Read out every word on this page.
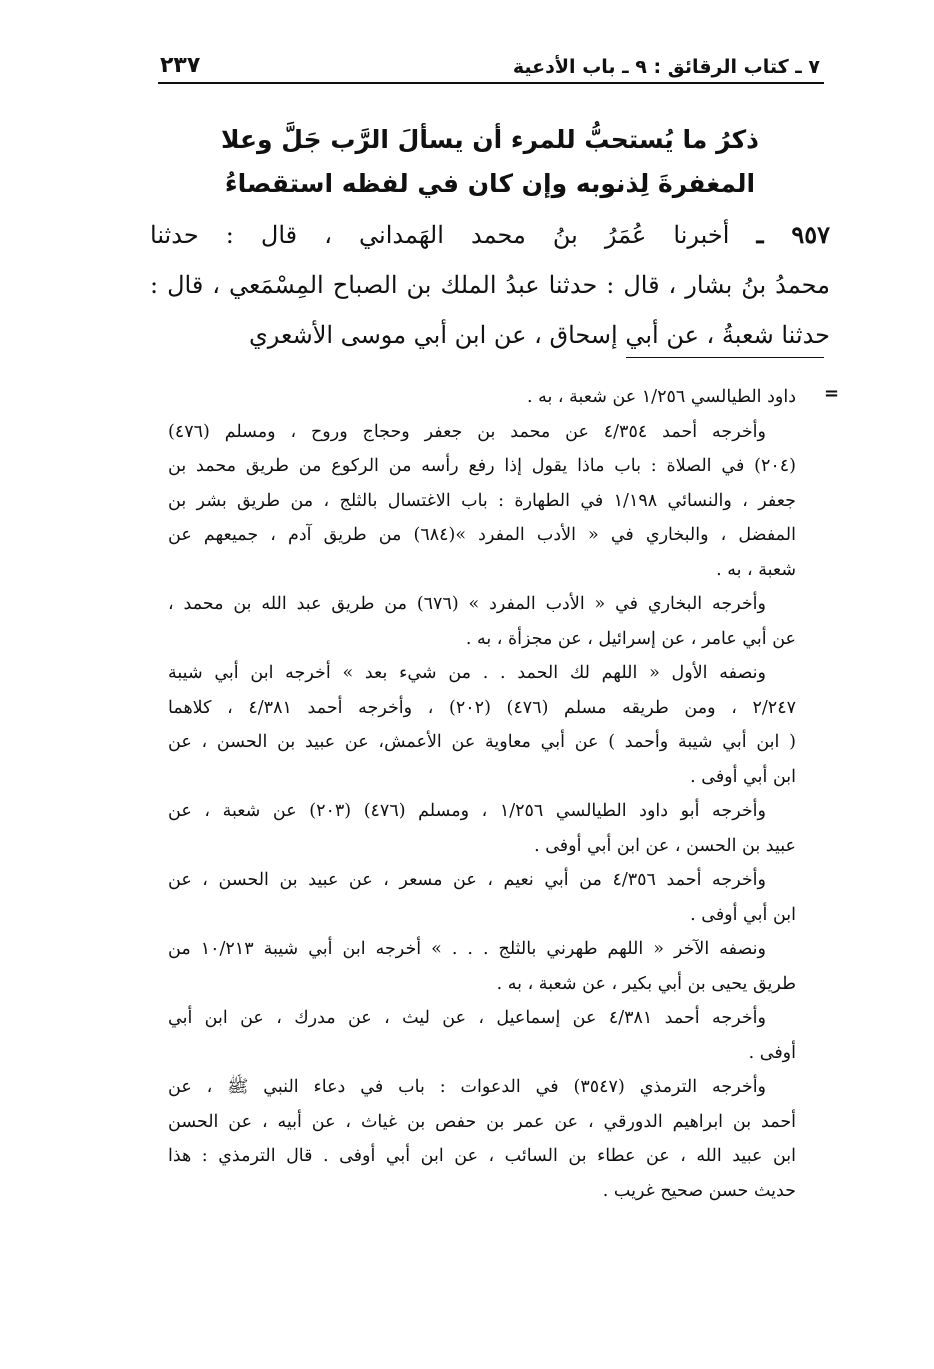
٧ ـ كتاب الرقائق : ٩ ـ باب الأدعية
٢٣٧
ذكرُ ما يُستحبُّ للمرء أن يسألَ الرَّب جَلَّ وعلا
المغفرةَ لِذنوبه وإن كان في لفظه استقصاءُ
٩٥٧ ـ أخبرنا عُمَرُ بنُ محمد الهَمداني ، قال : حدثنا
محمدُ بنُ بشار ، قال : حدثنا عبدُ الملك بن الصباح المِسْمَعي ، قال :
حدثنا شعبةُ ، عن أبي إسحاق ، عن ابن أبي موسى الأشعري
=
داود الطيالسي ١/٢٥٦ عن شعبة ، به .
وأخرجه أحمد ٤/٣٥٤ عن محمد بن جعفر وحجاج وروح ، ومسلم (٤٧٦)
(٢٠٤) في الصلاة : باب ماذا يقول إذا رفع رأسه من الركوع من طريق محمد بن
جعفر ، والنسائي ١/١٩٨ في الطهارة : باب الاغتسال بالثلج ، من طريق بشر بن
المفضل ، والبخاري في « الأدب المفرد »(٦٨٤) من طريق آدم ، جميعهم عن
شعبة ، به .
وأخرجه البخاري في « الأدب المفرد » (٦٧٦) من طريق عبد الله بن محمد ،
عن أبي عامر ، عن إسرائيل ، عن مجزأة ، به .
ونصفه الأول « اللهم لك الحمد . . من شيء بعد » أخرجه ابن أبي شيبة
٢/٢٤٧ ، ومن طريقه مسلم (٤٧٦) (٢٠٢) ، وأخرجه أحمد ٤/٣٨١ ، كلاهما
( ابن أبي شيبة وأحمد ) عن أبي معاوية عن الأعمش، عن عبيد بن الحسن ، عن
ابن أبي أوفى .
وأخرجه أبو داود الطيالسي ١/٢٥٦ ، ومسلم (٤٧٦) (٢٠٣) عن شعبة ، عن
عبيد بن الحسن ، عن ابن أبي أوفى .
وأخرجه أحمد ٤/٣٥٦ من أبي نعيم ، عن مسعر ، عن عبيد بن الحسن ، عن
ابن أبي أوفى .
ونصفه الآخر « اللهم طهرني بالثلج . . . » أخرجه ابن أبي شيبة ١٠/٢١٣ من
طريق يحيى بن أبي بكير ، عن شعبة ، به .
وأخرجه أحمد ٤/٣٨١ عن إسماعيل ، عن ليث ، عن مدرك ، عن ابن أبي
أوفى .
وأخرجه الترمذي (٣٥٤٧) في الدعوات : باب في دعاء النبي ﷺ ، عن
أحمد بن ابراهيم الدورقي ، عن عمر بن حفص بن غياث ، عن أبيه ، عن الحسن
ابن عبيد الله ، عن عطاء بن السائب ، عن ابن أبي أوفى . قال الترمذي : هذا
حديث حسن صحيح غريب .
